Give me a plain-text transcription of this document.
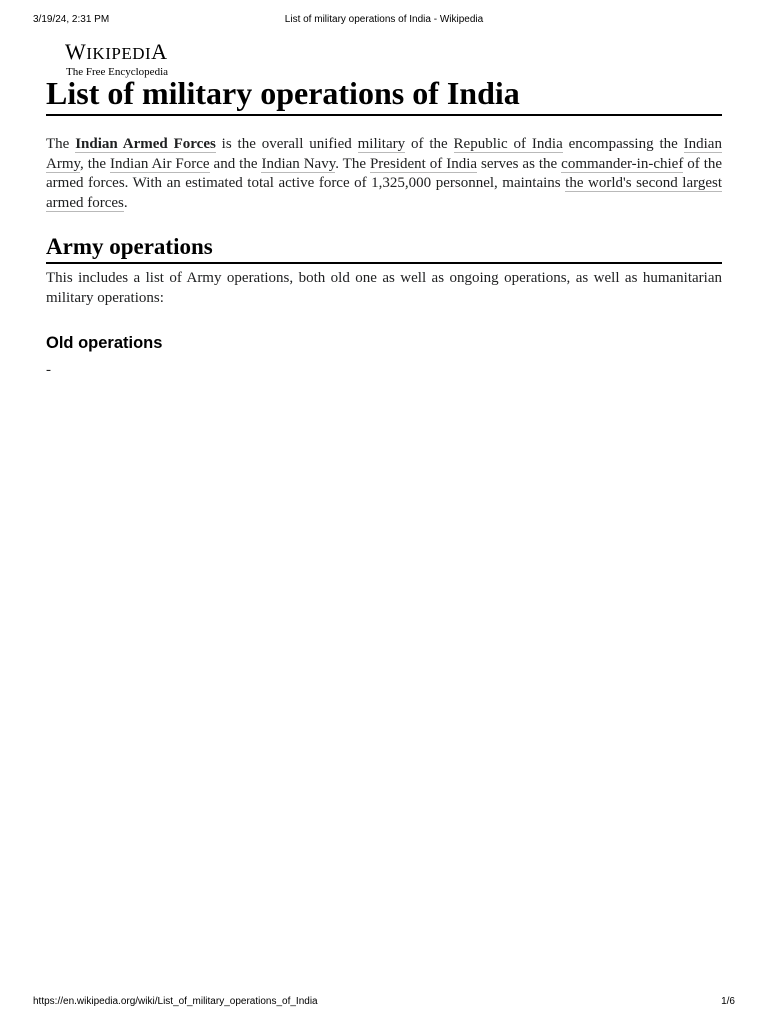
3/19/24, 2:31 PM	List of military operations of India - Wikipedia
WIKIPEDIA
The Free Encyclopedia
List of military operations of India

The Indian Armed Forces is the overall unified military of the Republic of India encompassing the Indian Army, the Indian Air Force and the Indian Navy. The President of India serves as the commander-in-chief of the armed forces. With an estimated total active force of 1,325,000 personnel, maintains the world's second largest armed forces.

Army operations

This includes a list of Army operations, both old one as well as ongoing operations, as well as humanitarian military operations:

Old operations
-
https://en.wikipedia.org/wiki/List_of_military_operations_of_India	1/6
